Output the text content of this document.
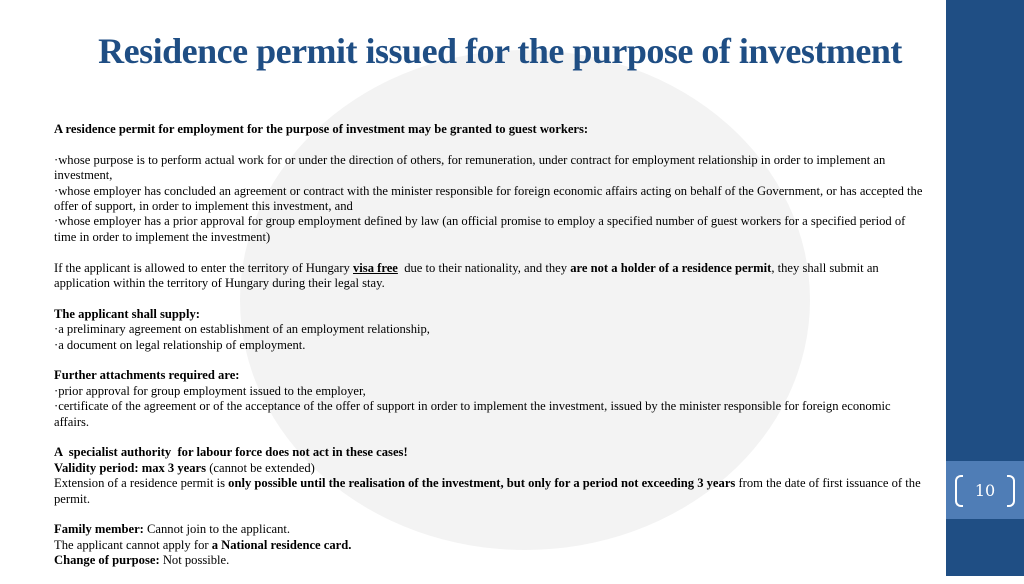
10
Residence permit issued for the purpose of investment

A residence permit for employment for the purpose of investment may be granted to guest workers:

·whose purpose is to perform actual work for or under the direction of others, for remuneration, under contract for employment relationship in order to implement an investment,
·whose employer has concluded an agreement or contract with the minister responsible for foreign economic affairs acting on behalf of the Government, or has accepted the offer of support, in order to implement this investment, and
·whose employer has a prior approval for group employment defined by law (an official promise to employ a specified number of guest workers for a specified period of time in order to implement the investment)

If the applicant is allowed to enter the territory of Hungary visa free  due to their nationality, and they are not a holder of a residence permit, they shall submit an application within the territory of Hungary during their legal stay.

The applicant shall supply:
·a preliminary agreement on establishment of an employment relationship,
·a document on legal relationship of employment.

Further attachments required are:
·prior approval for group employment issued to the employer,
·certificate of the agreement or of the acceptance of the offer of support in order to implement the investment, issued by the minister responsible for foreign economic affairs.

A  specialist authority  for labour force does not act in these cases!
Validity period: max 3 years (cannot be extended)
Extension of a residence permit is only possible until the realisation of the investment, but only for a period not exceeding 3 years from the date of first issuance of the permit.

Family member: Cannot join to the applicant.
The applicant cannot apply for a National residence card.
Change of purpose: Not possible.
